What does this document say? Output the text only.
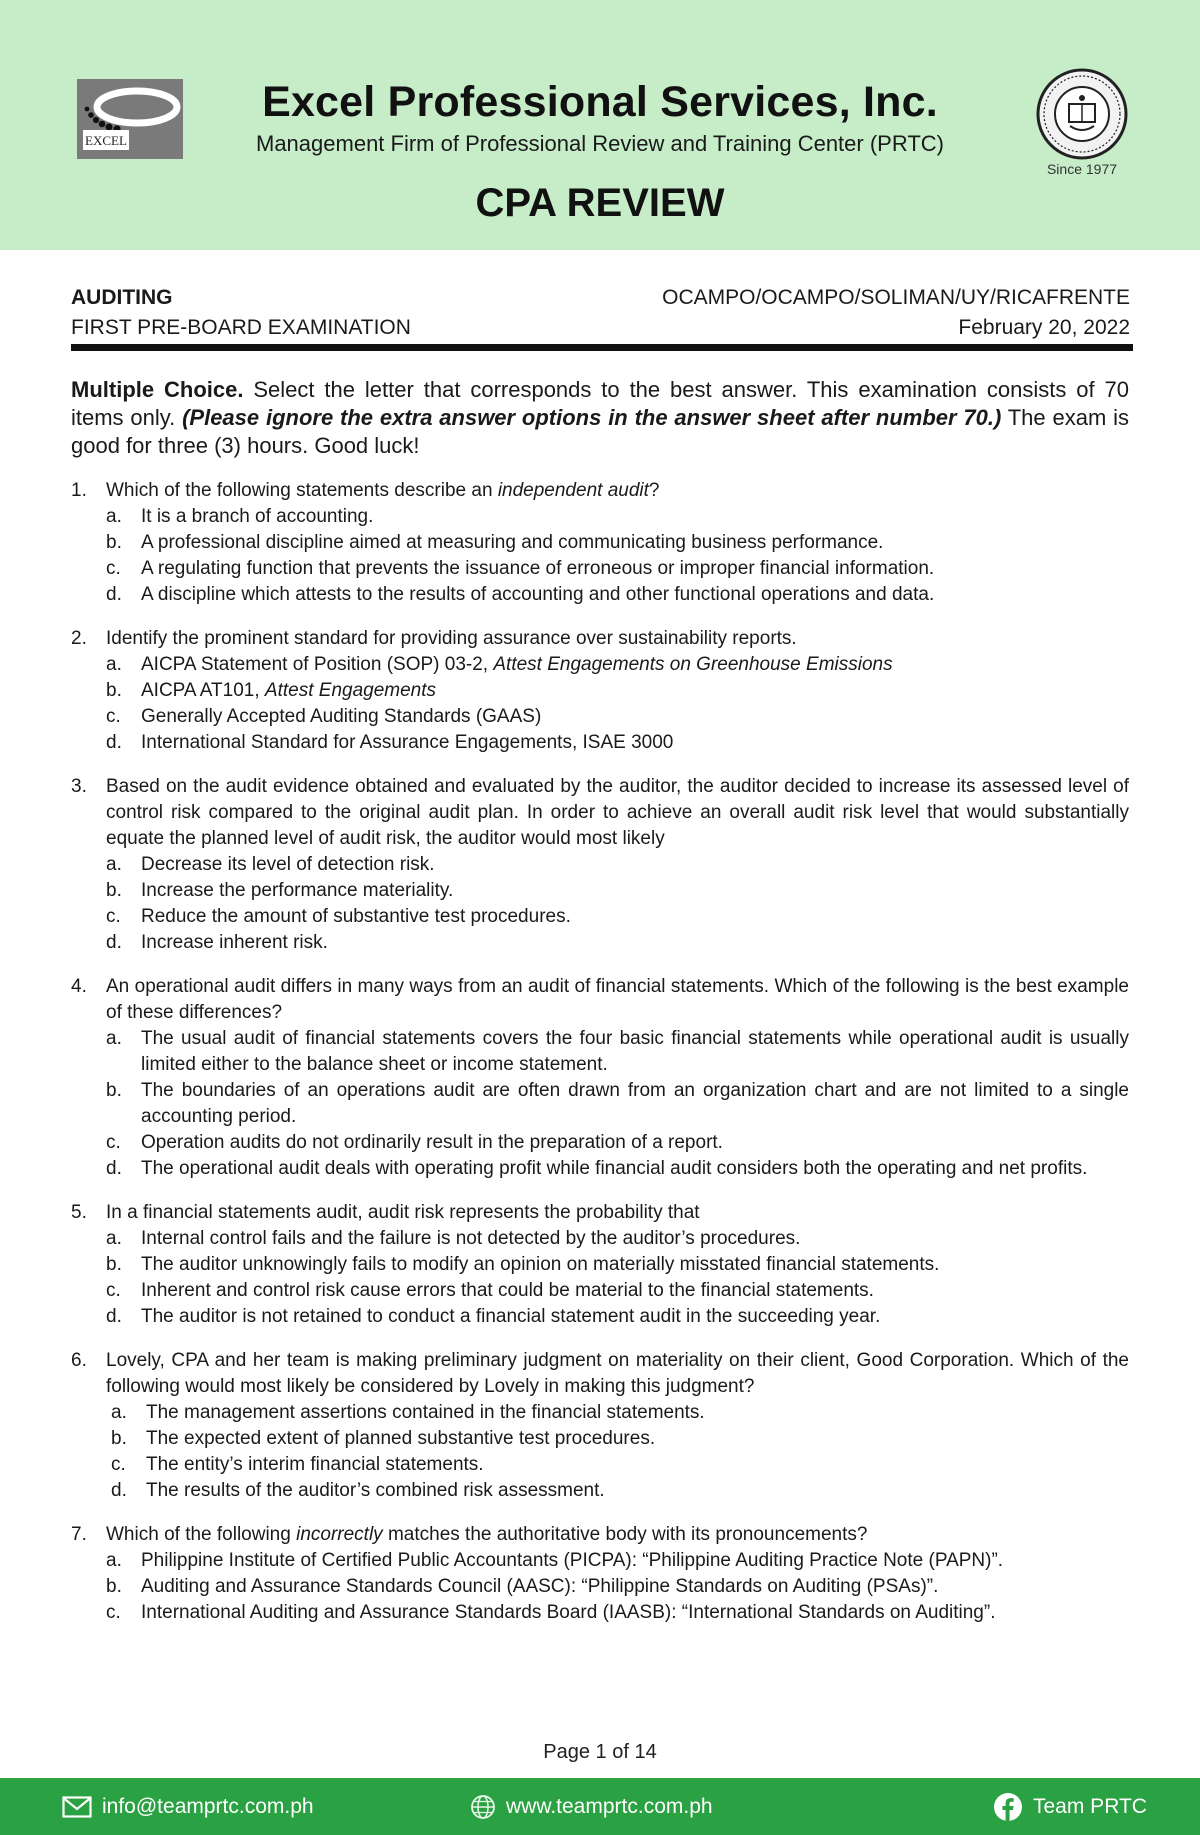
EXCEL
Excel Professional Services, Inc.
Management Firm of Professional Review and Training Center (PRTC)
Since 1977
CPA REVIEW
AUDITING
FIRST PRE-BOARD EXAMINATION
OCAMPO/OCAMPO/SOLIMAN/UY/RICAFRENTE
February 20, 2022

Multiple Choice. Select the letter that corresponds to the best answer. This examination consists of 70 items only. (Please ignore the extra answer options in the answer sheet after number 70.) The exam is good for three (3) hours. Good luck!

1. Which of the following statements describe an independent audit?
a. It is a branch of accounting.
b. A professional discipline aimed at measuring and communicating business performance.
c. A regulating function that prevents the issuance of erroneous or improper financial information.
d. A discipline which attests to the results of accounting and other functional operations and data.
2. Identify the prominent standard for providing assurance over sustainability reports.
a. AICPA Statement of Position (SOP) 03-2, Attest Engagements on Greenhouse Emissions
b. AICPA AT101, Attest Engagements
c. Generally Accepted Auditing Standards (GAAS)
d. International Standard for Assurance Engagements, ISAE 3000
3. Based on the audit evidence obtained and evaluated by the auditor, the auditor decided to increase its assessed level of control risk compared to the original audit plan. In order to achieve an overall audit risk level that would substantially equate the planned level of audit risk, the auditor would most likely
a. Decrease its level of detection risk.
b. Increase the performance materiality.
c. Reduce the amount of substantive test procedures.
d. Increase inherent risk.
4. An operational audit differs in many ways from an audit of financial statements. Which of the following is the best example of these differences?
a. The usual audit of financial statements covers the four basic financial statements while operational audit is usually limited either to the balance sheet or income statement.
b. The boundaries of an operations audit are often drawn from an organization chart and are not limited to a single accounting period.
c. Operation audits do not ordinarily result in the preparation of a report.
d. The operational audit deals with operating profit while financial audit considers both the operating and net profits.
5. In a financial statements audit, audit risk represents the probability that
a. Internal control fails and the failure is not detected by the auditor’s procedures.
b. The auditor unknowingly fails to modify an opinion on materially misstated financial statements.
c. Inherent and control risk cause errors that could be material to the financial statements.
d. The auditor is not retained to conduct a financial statement audit in the succeeding year.
6. Lovely, CPA and her team is making preliminary judgment on materiality on their client, Good Corporation. Which of the following would most likely be considered by Lovely in making this judgment?
a. The management assertions contained in the financial statements.
b. The expected extent of planned substantive test procedures.
c. The entity’s interim financial statements.
d. The results of the auditor’s combined risk assessment.
7. Which of the following incorrectly matches the authoritative body with its pronouncements?
a. Philippine Institute of Certified Public Accountants (PICPA): “Philippine Auditing Practice Note (PAPN)”.
b. Auditing and Assurance Standards Council (AASC): “Philippine Standards on Auditing (PSAs)”.
c. International Auditing and Assurance Standards Board (IAASB): “International Standards on Auditing”.
Page 1 of 14
info@teamprtc.com.ph	www.teamprtc.com.ph	Team PRTC
